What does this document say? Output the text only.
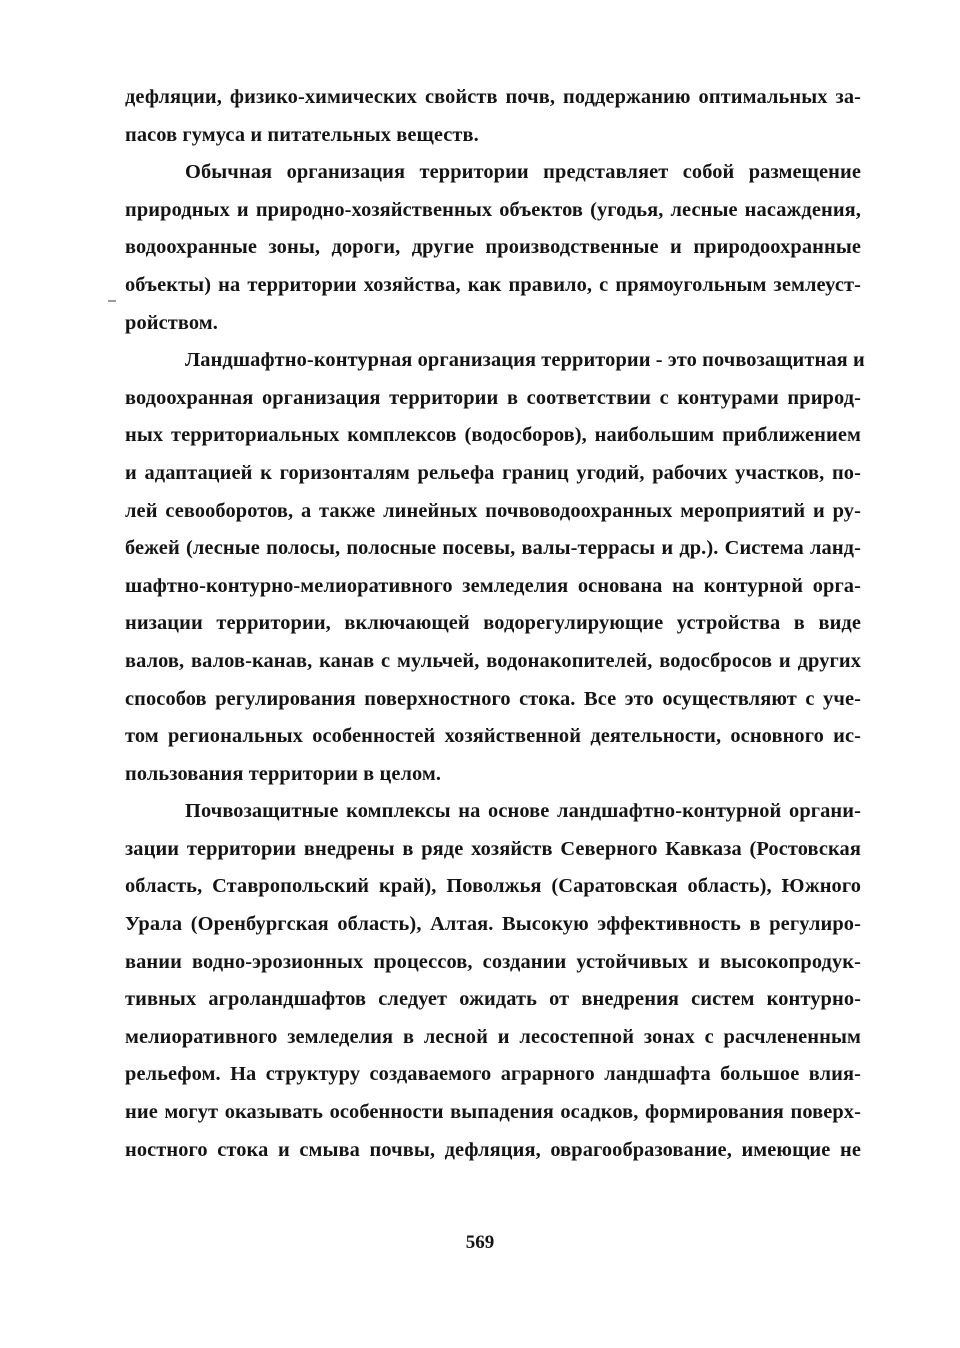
дефляции, физико-химических свойств почв, поддержанию оптимальных за-
пасов гумуса и питательных веществ.

Обычная организация территории представляет собой размещение
природных и природно-хозяйственных объектов (угодья, лесные насаждения,
водоохранные зоны, дороги, другие производственные и природоохранные
объекты) на территории хозяйства, как правило, с прямоугольным землеуст-
ройством.

Ландшафтно-контурная организация территории - это почвозащитная и
водоохранная организация территории в соответствии с контурами природ-
ных территориальных комплексов (водосборов), наибольшим приближением
и адаптацией к горизонталям рельефа границ угодий, рабочих участков, по-
лей севооборотов, а также линейных почвоводоохранных мероприятий и ру-
бежей (лесные полосы, полосные посевы, валы-террасы и др.). Система ланд-
шафтно-контурно-мелиоративного земледелия основана на контурной орга-
низации территории, включающей водорегулирующие устройства в виде
валов, валов-канав, канав с мульчей, водонакопителей, водосбросов и других
способов регулирования поверхностного стока. Все это осуществляют с уче-
том региональных особенностей хозяйственной деятельности, основного ис-
пользования территории в целом.

Почвозащитные комплексы на основе ландшафтно-контурной органи-
зации территории внедрены в ряде хозяйств Северного Кавказа (Ростовская
область, Ставропольский край), Поволжья (Саратовская область), Южного
Урала (Оренбургская область), Алтая. Высокую эффективность в регулиро-
вании водно-эрозионных процессов, создании устойчивых и высокопродук-
тивных агроландшафтов следует ожидать от внедрения систем контурно-
мелиоративного земледелия в лесной и лесостепной зонах с расчлененным
рельефом. На структуру создаваемого аграрного ландшафта большое влия-
ние могут оказывать особенности выпадения осадков, формирования поверх-
ностного стока и смыва почвы, дефляция, оврагообразование, имеющие не

569
